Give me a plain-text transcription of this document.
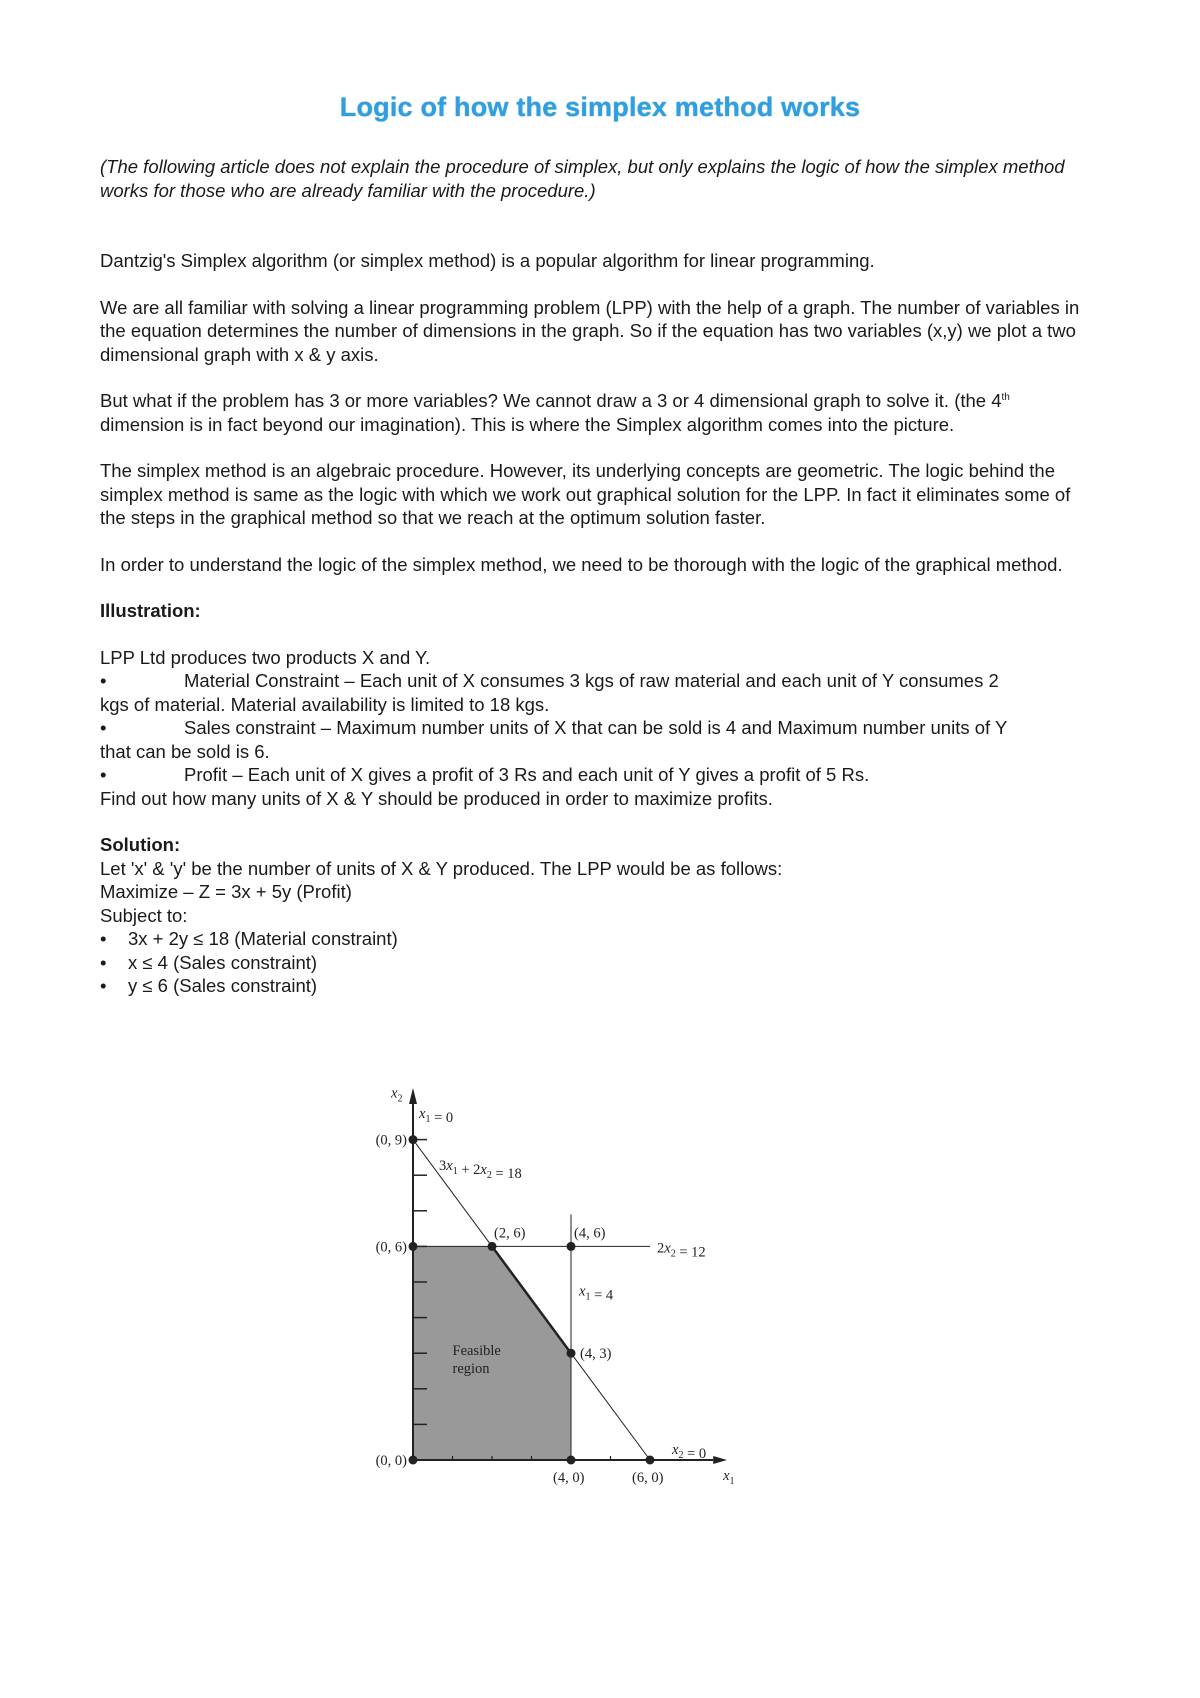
Logic of how the simplex method works

(The following article does not explain the procedure of simplex, but only explains the logic of how the simplex method works for those who are already familiar with the procedure.)

Dantzig's Simplex algorithm (or simplex method) is a popular algorithm for linear programming.

We are all familiar with solving a linear programming problem (LPP) with the help of a graph. The number of variables in the equation determines the number of dimensions in the graph. So if the equation has two variables (x,y) we plot a two dimensional graph with x & y axis.

But what if the problem has 3 or more variables? We cannot draw a 3 or 4 dimensional graph to solve it. (the 4th dimension is in fact beyond our imagination). This is where the Simplex algorithm comes into the picture.

The simplex method is an algebraic procedure. However, its underlying concepts are geometric. The logic behind the simplex method is same as the logic with which we work out graphical solution for the LPP. In fact it eliminates some of the steps in the graphical method so that we reach at the optimum solution faster.

In order to understand the logic of the simplex method, we need to be thorough with the logic of the graphical method.

Illustration:

LPP Ltd produces two products X and Y.

•	Material Constraint – Each unit of X consumes 3 kgs of raw material and each unit of Y consumes 2
kgs of material. Material availability is limited to 18 kgs.
•	Sales constraint – Maximum number units of X that can be sold is 4 and Maximum number units of Y
that can be sold is 6.
•	Profit – Each unit of X gives a profit of 3 Rs and each unit of Y gives a profit of 5 Rs.

Find out how many units of X & Y should be produced in order to maximize profits.

Solution:

Let 'x' & 'y' be the number of units of X & Y produced. The LPP would be as follows:

Maximize – Z = 3x + 5y (Profit)

Subject to:

•	3x + 2y ≤ 18 (Material constraint)
•	x ≤ 4 (Sales constraint)
•	y ≤ 6 (Sales constraint)
(0, 9)
(0, 6)
(2, 6)	(4, 6)
(4, 3)
(0, 0)
(4, 0)	(6, 0)
$x_2$
$x_1$
$x_1 = 0$
$3x_1 + 2x_2 = 18$
$2x_2 = 12$
$x_1 = 4$
$x_2 = 0$
Feasible
region
